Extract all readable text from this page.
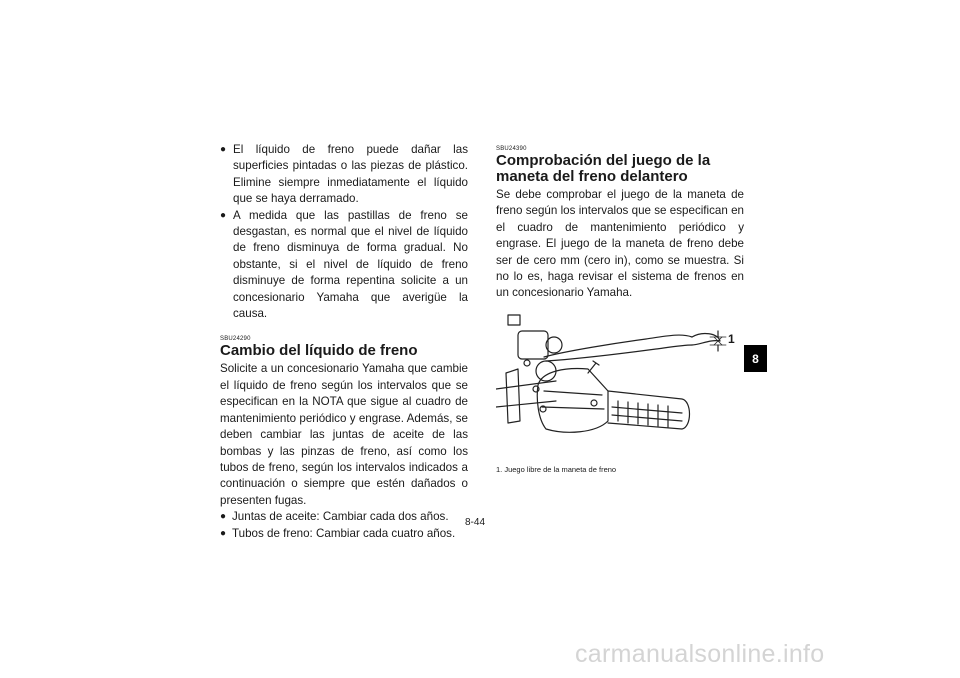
● El líquido de freno puede dañar las superficies pintadas o las piezas de plástico. Elimine siempre inmediatamente el líquido que se haya derramado.
● A medida que las pastillas de freno se desgastan, es normal que el nivel de líquido de freno disminuya de forma gradual. No obstante, si el nivel de líquido de freno disminuye de forma repentina solicite a un concesionario Yamaha que averigüe la causa.

SBU24290

Cambio del líquido de freno

Solicite a un concesionario Yamaha que cambie el líquido de freno según los intervalos que se especifican en la NOTA que sigue al cuadro de mantenimiento periódico y engrase. Además, se deben cambiar las juntas de aceite de las bombas y las pinzas de freno, así como los tubos de freno, según los intervalos indicados a continuación o siempre que estén dañados o presenten fugas.

● Juntas de aceite: Cambiar cada dos años.
● Tubos de freno: Cambiar cada cuatro años.

SBU24390

Comprobación del juego de la maneta del freno delantero

Se debe comprobar el juego de la maneta de freno según los intervalos que se especifican en el cuadro de mantenimiento periódico y engrase. El juego de la maneta de freno debe ser de cero mm (cero in), como se muestra. Si no lo es, haga revisar el sistema de frenos en un concesionario Yamaha.

1

1. Juego libre de la maneta de freno

8
8-44
carmanualsonline.info
